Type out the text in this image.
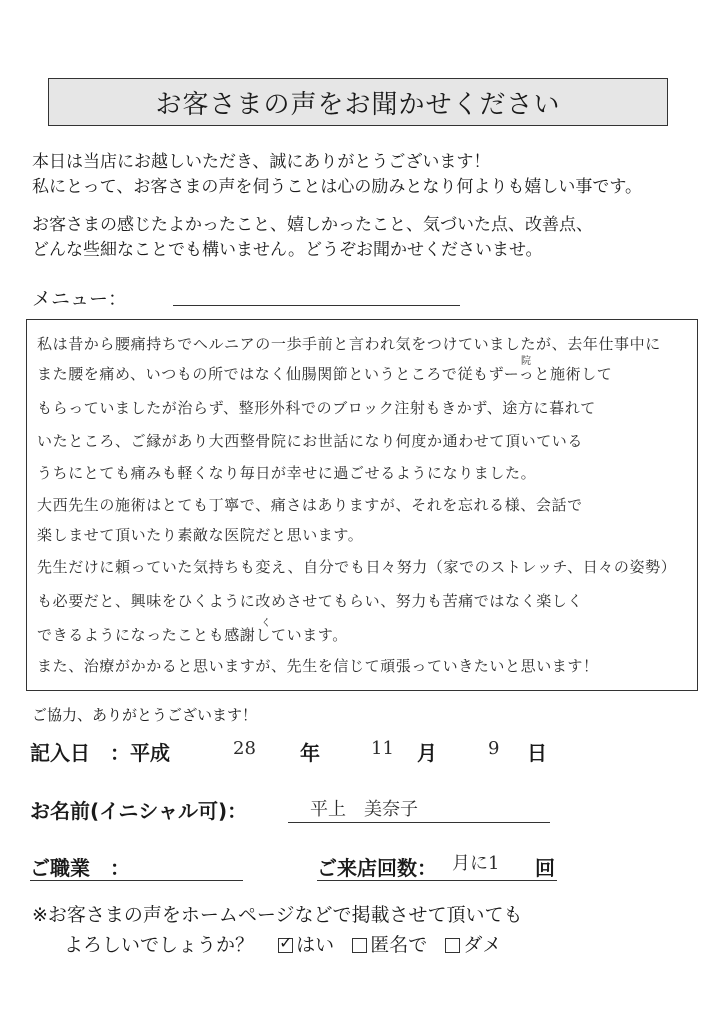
お客さまの声をお聞かせください
本日は当店にお越しいただき、誠にありがとうございます！
私にとって、お客さまの声を伺うことは心の励みとなり何よりも嬉しい事です。
お客さまの感じたよかったこと、嬉しかったこと、気づいた点、改善点、
どんな些細なことでも構いません。どうぞお聞かせくださいませ。
メニュー：
私は昔から腰痛持ちでヘルニアの一歩手前と言われ気をつけていましたが、去年仕事中に
また腰を痛め、いつもの所ではなく仙腸関節というところで従もずーっと施術して
院
もらっていましたが治らず、整形外科でのブロック注射もきかず、途方に暮れて
いたところ、ご縁があり大西整骨院にお世話になり何度か通わせて頂いている
うちにとても痛みも軽くなり毎日が幸せに過ごせるようになりました。
大西先生の施術はとても丁寧で、痛さはありますが、それを忘れる様、会話で
楽しませて頂いたり素敵な医院だと思います。
先生だけに頼っていた気持ちも変え、自分でも日々努力（家でのストレッチ、日々の姿勢）
も必要だと、興味をひくように改めさせてもらい、努力も苦痛ではなく楽しく
できるようになったことも感謝しています。
く
また、治療がかかると思いますが、先生を信じて頑張っていきたいと思います！
ご協力、ありがとうございます！
記入日　：平成	28 年	11 月	9 日
お名前(イニシャル可)：	平上　美奈子
ご職業　：	ご来店回数： 月に1 回
※お客さまの声をホームページなどで掲載させて頂いても
よろしいでしょうか？ ✓ はい 匿名で ダメ
